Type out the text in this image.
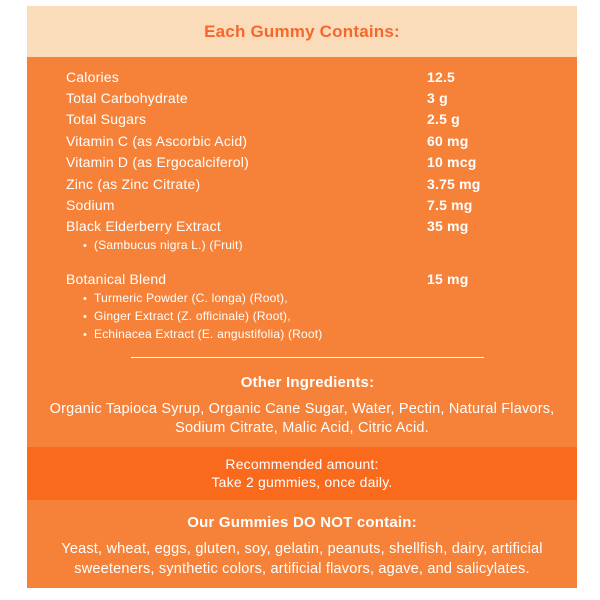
Each Gummy Contains:
Calories	12.5
Total Carbohydrate	3 g
Total Sugars	2.5 g
Vitamin C (as Ascorbic Acid)	60 mg
Vitamin D (as Ergocalciferol)	10 mcg
Zinc (as Zinc Citrate)	3.75 mg
Sodium	7.5 mg
Black Elderberry Extract	35 mg
• (Sambucus nigra L.) (Fruit)
Botanical Blend	15 mg
• Turmeric Powder (C. longa) (Root),
• Ginger Extract (Z. officinale) (Root),
• Echinacea Extract (E. angustifolia) (Root)
Other Ingredients:

Organic Tapioca Syrup, Organic Cane Sugar, Water, Pectin, Natural Flavors, Sodium Citrate, Malic Acid, Citric Acid.

Recommended amount:
Take 2 gummies, once daily.
Our Gummies DO NOT contain:

Yeast, wheat, eggs, gluten, soy, gelatin, peanuts, shellfish, dairy, artificial sweeteners, synthetic colors, artificial flavors, agave, and salicylates.
